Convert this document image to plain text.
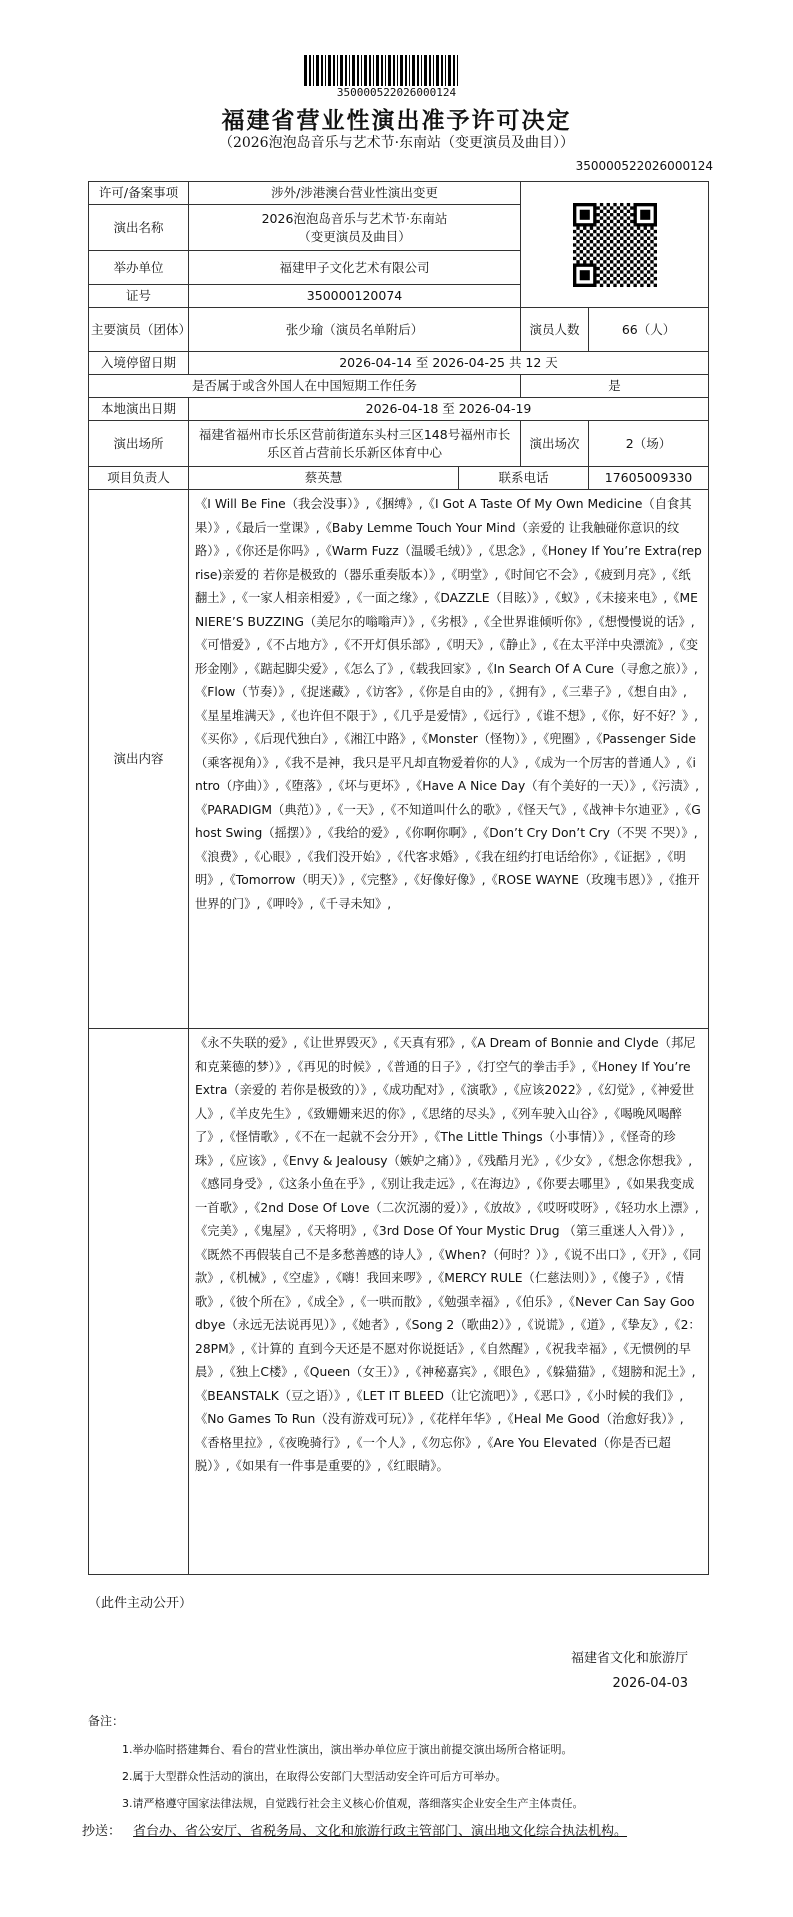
350000522026000124
福建省营业性演出准予许可决定
（2026泡泡岛音乐与艺术节·东南站（变更演员及曲目））
350000522026000124
许可/备案事项	涉外/涉港澳台营业性演出变更	

演出名称	2026泡泡岛音乐与艺术节·东南站
（变更演员及曲目）			

举办单位	福建甲子文化艺术有限公司			
证号	350000120074			
主要演员（团体）	张少瑜（演员名单附后）		演员人数	66（人）
入境停留日期	2026-04-14 至 2026-04-25 共 12 天			
是否属于或含外国人在中国短期工作任务			是	
本地演出日期	2026-04-18 至 2026-04-19			
演出场所	福建省福州市长乐区营前街道东头村三区148号福州市长乐区首占营前长乐新区体育中心		演出场次	2（场）
项目负责人	蔡英慧	联系电话		17605009330
演出内容	《I Will Be Fine（我会没事）》,《捆缚》,《I Got A Taste Of My Own Medicine（自食其果）》,《最后一堂课》,《Baby Lemme Touch Your Mind（亲爱的 让我触碰你意识的纹路）》,《你还是你吗》,《Warm Fuzz（温暖毛绒）》,《思念》,《Honey If You’re Extra(reprise)亲爱的 若你是极致的（器乐重奏版本）》,《明堂》,《时间它不会》,《疲到月亮》,《纸翻土》,《一家人相亲相爱》,《一面之缘》,《DAZZLE（目眩）》,《蚁》,《未接来电》,《MENIERE’S BUZZING（美尼尔的嗡嗡声）》,《劣根》,《全世界谁倾听你》,《想慢慢说的话》,《可惜爱》,《不占地方》,《不开灯俱乐部》,《明天》,《静止》,《在太平洋中央漂流》,《变形金刚》,《踮起脚尖爱》,《怎么了》,《载我回家》,《In Search Of A Cure（寻愈之旅）》,《Flow（节奏）》,《捉迷藏》,《访客》,《你是自由的》,《拥有》,《三辈子》,《想自由》,《星星堆满天》,《也许但不限于》,《几乎是爱情》,《远行》,《谁不想》,《你，好不好？》,《买你》,《后现代独白》,《湘江中路》,《Monster（怪物）》,《兜圈》,《Passenger Side（乘客视角）》,《我不是神，我只是平凡却直物爱着你的人》,《成为一个厉害的普通人》,《intro（序曲）》,《堕落》,《坏与更坏》,《Have A Nice Day（有个美好的一天）》,《污渍》,《PARADIGM（典范）》,《一天》,《不知道叫什么的歌》,《怪天气》,《战神卡尔迪亚》,《Ghost Swing（摇摆）》,《我给的爱》,《你啊你啊》,《Don’t Cry Don’t Cry（不哭 不哭）》,《浪费》,《心眼》,《我们没开始》,《代客求婚》,《我在纽约打电话给你》,《证据》,《明明》,《Tomorrow（明天）》,《完整》,《好像好像》,《ROSE WAYNE（玫瑰韦恩）》,《推开世界的门》,《呷呤》,《千寻未知》,			
	《永不失联的爱》,《让世界毁灭》,《天真有邪》,《A Dream of Bonnie and Clyde（邦尼和克莱德的梦）》,《再见的时候》,《普通的日子》,《打空气的拳击手》,《Honey If You’re Extra（亲爱的 若你是极致的）》,《成功配对》,《演歌》,《应该2022》,《幻觉》,《神爱世人》,《羊皮先生》,《致姗姗来迟的你》,《思绪的尽头》,《列车驶入山谷》,《喝晚风喝醉了》,《怪情歌》,《不在一起就不会分开》,《The Little Things（小事情）》,《怪奇的珍珠》,《应该》,《Envy & Jealousy（嫉妒之痛）》,《残酷月光》,《少女》,《想念你想我》,《感同身受》,《这条小鱼在乎》,《别让我走远》,《在海边》,《你要去哪里》,《如果我变成一首歌》,《2nd Dose Of Love（二次沉溺的爱）》,《放故》,《哎呀哎呀》,《轻功水上漂》,《完美》,《鬼屋》,《天将明》,《3rd Dose Of Your Mystic Drug （第三重迷人入骨）》,《既然不再假装自己不是多愁善感的诗人》,《When?（何时？）》,《说不出口》,《开》,《同款》,《机械》,《空虚》,《嗨！我回来啰》,《MERCY RULE（仁慈法则）》,《傻子》,《情歌》,《彼个所在》,《成全》,《一哄而散》,《勉强幸福》,《伯乐》,《Never Can Say Goodbye（永远无法说再见）》,《她者》,《Song 2（歌曲2）》,《说谎》,《道》,《挚友》,《2：28PM》,《计算的 直到今天还是不愿对你说挺话》,《自然醒》,《祝我幸福》,《无惯例的早晨》,《独上C楼》,《Queen（女王）》,《神秘嘉宾》,《眼色》,《躲猫猫》,《翅膀和泥土》,《BEANSTALK（豆之语）》,《LET IT BLEED（让它流吧）》,《恶口》,《小时候的我们》,《No Games To Run（没有游戏可玩）》,《花样年华》,《Heal Me Good（治愈好我）》,《香格里拉》,《夜晚骑行》,《一个人》,《勿忘你》,《Are You Elevated（你是否已超脱）》,《如果有一件事是重要的》,《红眼睛》。			
（此件主动公开）
福建省文化和旅游厅
2026-04-03
备注：
1.举办临时搭建舞台、看台的营业性演出，演出举办单位应于演出前提交演出场所合格证明。
2.属于大型群众性活动的演出，在取得公安部门大型活动安全许可后方可举办。
3.请严格遵守国家法律法规，自觉践行社会主义核心价值观，落细落实企业安全生产主体责任。
抄送： 省台办、省公安厅、省税务局、文化和旅游行政主管部门、演出地文化综合执法机构。
